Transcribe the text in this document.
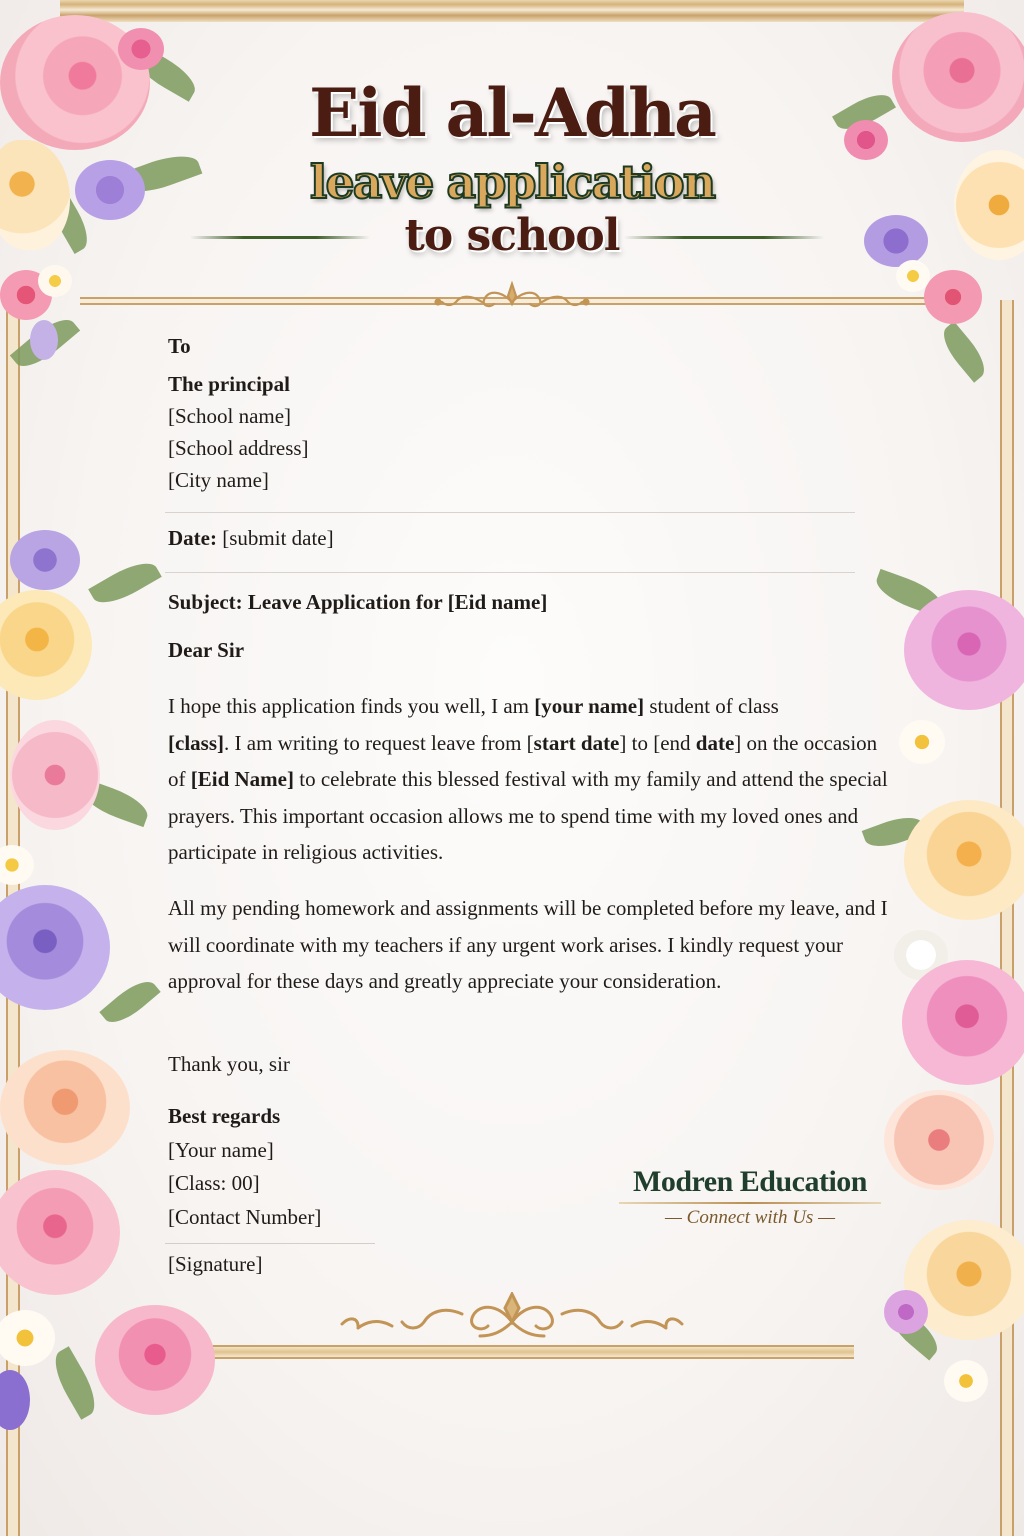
Eid al-Adha
leave application
to school
To
The principal
[School name]
[School address]
[City name]
Date: [submit date]
Subject: Leave Application for [Eid name]
Dear Sir
I hope this application finds you well, I am [your name] student of class
[class]. I am writing to request leave from [start date] to [end date] on the occasion of [Eid Name] to celebrate this blessed festival with my family and attend the special prayers. This important occasion allows me to spend time with my loved ones and participate in religious activities.
All my pending homework and assignments will be completed before my leave, and I will coordinate with my teachers if any urgent work arises. I kindly request your approval for these days and greatly appreciate your consideration.
Thank you, sir
Best regards
[Your name]
[Class: 00]
[Contact Number]
[Signature]
Modren Education
— Connect with Us —
